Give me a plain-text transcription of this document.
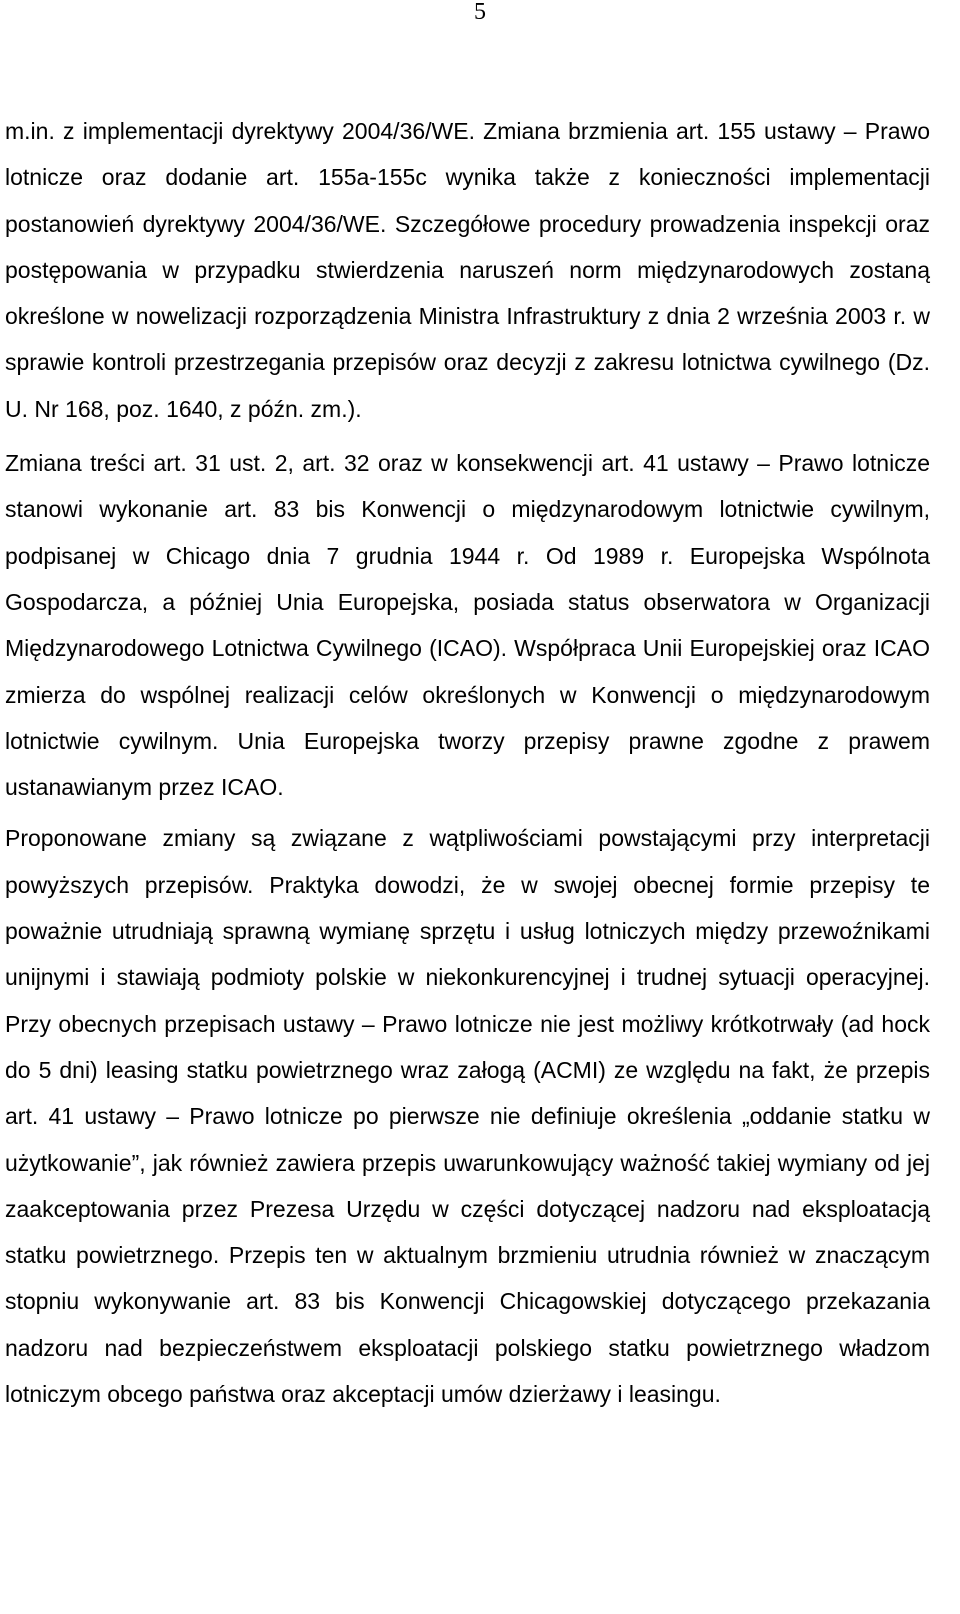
5

m.in. z implementacji dyrektywy 2004/36/WE. Zmiana brzmienia art. 155 ustawy – Prawo lotnicze oraz dodanie art. 155a-155c wynika także z konieczności implementacji postanowień dyrektywy 2004/36/WE. Szczegółowe procedury prowadzenia inspekcji oraz postępowania w przypadku stwierdzenia naruszeń norm międzynarodowych zostaną określone w nowelizacji rozporządzenia Ministra Infrastruktury z dnia 2 września 2003 r. w sprawie kontroli przestrzegania przepisów oraz decyzji z zakresu lotnictwa cywilnego (Dz. U. Nr 168, poz. 1640, z późn. zm.).

Zmiana treści art. 31 ust. 2, art. 32 oraz w konsekwencji art. 41 ustawy – Prawo lotnicze stanowi wykonanie art. 83 bis Konwencji o międzynarodowym lotnictwie cywilnym, podpisanej w Chicago dnia 7 grudnia 1944 r. Od 1989 r. Europejska Wspólnota Gospodarcza, a później Unia Europejska, posiada status obserwatora w Organizacji Międzynarodowego Lotnictwa Cywilnego (ICAO). Współpraca Unii Europejskiej oraz ICAO zmierza do wspólnej realizacji celów określonych w Konwencji o międzynarodowym lotnictwie cywilnym. Unia Europejska tworzy przepisy prawne zgodne z prawem ustanawianym przez ICAO.

Proponowane zmiany są związane z wątpliwościami powstającymi przy interpretacji powyższych przepisów. Praktyka dowodzi, że w swojej obecnej formie przepisy te poważnie utrudniają sprawną wymianę sprzętu i usług lotniczych między przewoźnikami unijnymi i stawiają podmioty polskie w niekonkurencyjnej i trudnej sytuacji operacyjnej. Przy obecnych przepisach ustawy – Prawo lotnicze nie jest możliwy krótkotrwały (ad hock do 5 dni) leasing statku powietrznego wraz załogą (ACMI) ze względu na fakt, że przepis art. 41 ustawy – Prawo lotnicze po pierwsze nie definiuje określenia „oddanie statku w użytkowanie”, jak również zawiera przepis uwarunkowujący ważność takiej wymiany od jej zaakceptowania przez Prezesa Urzędu w części dotyczącej nadzoru nad eksploatacją statku powietrznego. Przepis ten w aktualnym brzmieniu utrudnia również w znaczącym stopniu wykonywanie art. 83 bis Konwencji Chicagowskiej dotyczącego przekazania nadzoru nad bezpieczeństwem eksploatacji polskiego statku powietrznego władzom lotniczym obcego państwa oraz akceptacji umów dzierżawy i leasingu.
